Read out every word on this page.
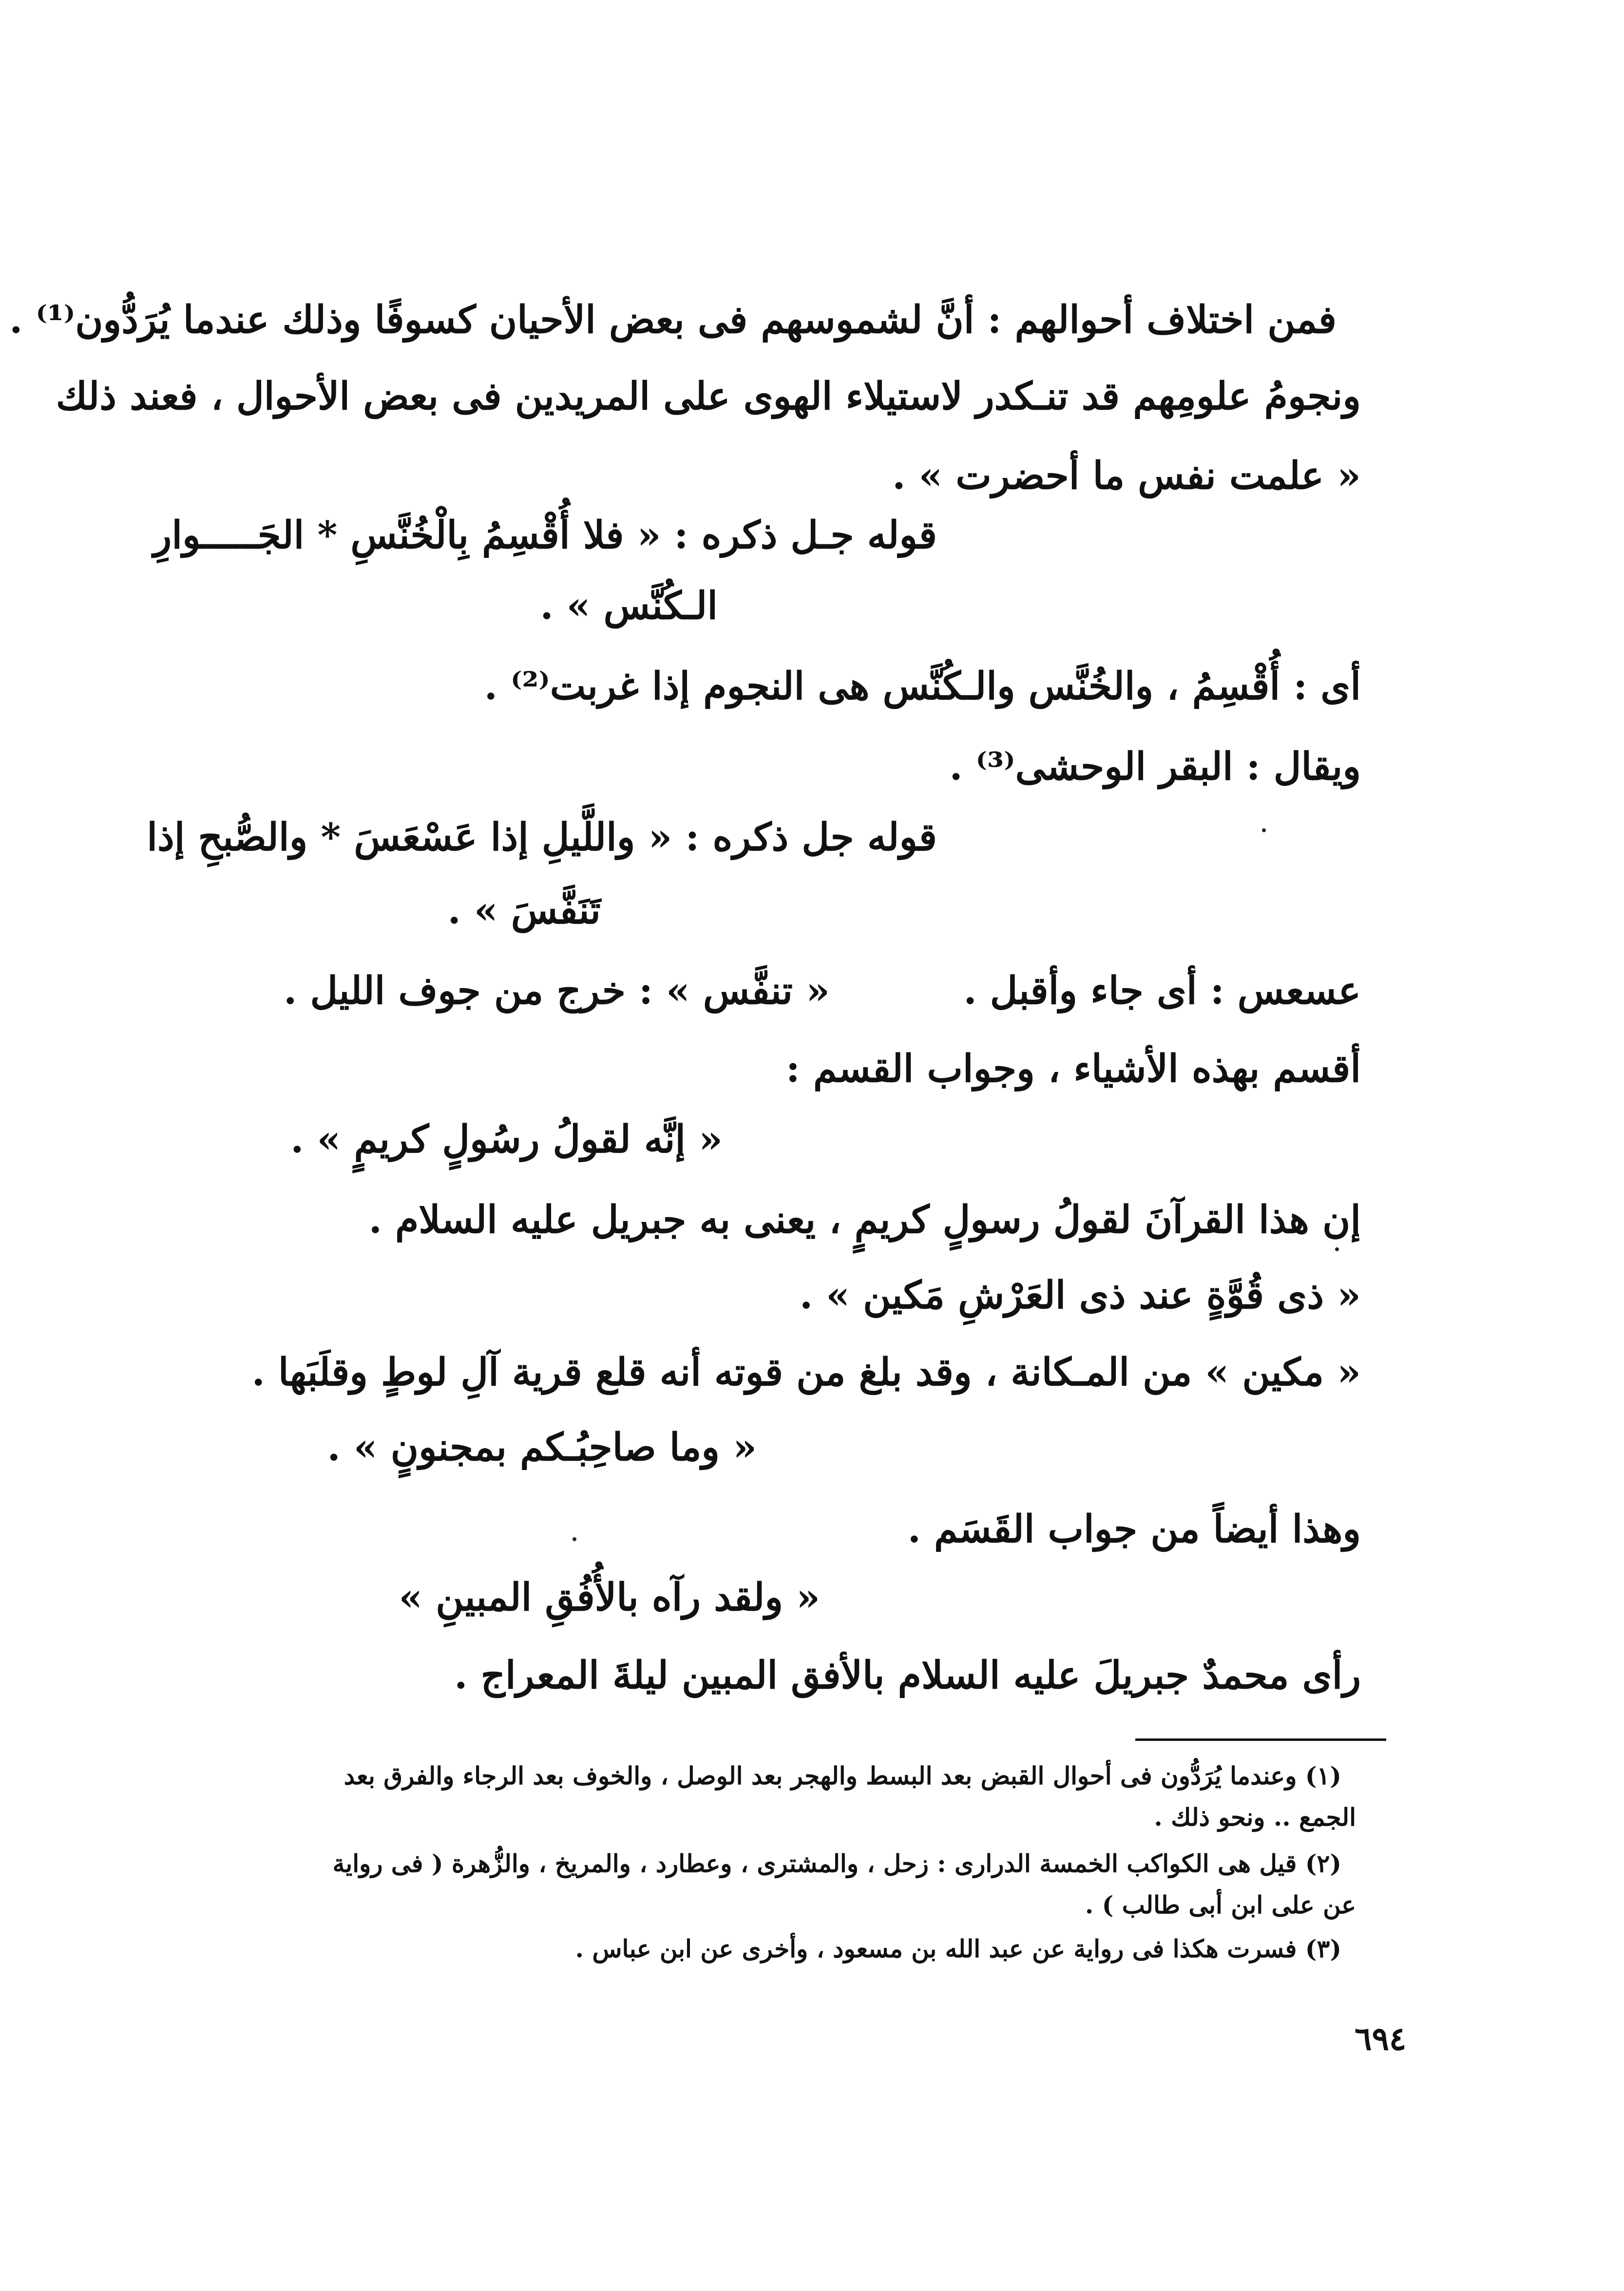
فمن اختلاف أحوالهم : أنَّ لشموسهم فى بعض الأحيان كسوفًا وذلك عندما يُرَدُّون⁽¹⁾ .
ونجومُ علومِهم قد تنـكدر لاستيلاء الهوى على المريدين فى بعض الأحوال ، فعند ذلك
« علمت نفس ما أحضرت » .
قوله جـل ذكره : « فلا أُقْسِمُ بِالْخُنَّسِ * الجَـــــوارِ
الـكُنَّس » .
أى : أُقْسِمُ ، والخُنَّس والـكُنَّس هى النجوم إذا غربت⁽²⁾ .
ويقال : البقر الوحشى⁽³⁾ .
قوله جل ذكره : « واللَّيلِ إذا عَسْعَسَ * والصُّبحِ إذا
تَنَفَّسَ » .
عسعس : أى جاء وأقبل .
« تنفَّس » : خرج من جوف الليل .
أقسم بهذه الأشياء ، وجواب القسم :
« إنَّه لقولُ رسُولٍ كريمٍ » .
إن هذا القرآنَ لقولُ رسولٍ كريمٍ ، يعنى به جبريل عليه السلام .
« ذى قُوَّةٍ عند ذى العَرْشِ مَكين » .
« مكين » من المـكانة ، وقد بلغ من قوته أنه قلع قرية آلِ لوطٍ وقلَبَها .
« وما صاحِبُـكم بمجنونٍ » .
وهذا أيضاً من جواب القَسَم .
« ولقد رآه بالأُفُقِ المبينِ »
رأى محمدٌ جبريلَ عليه السلام بالأفق المبين ليلةَ المعراج .
(١) وعندما يُرَدُّون فى أحوال القبض بعد البسط والهجر بعد الوصل ، والخوف بعد الرجاء والفرق بعد
الجمع .. ونحو ذلك .
(٢) قيل هى الكواكب الخمسة الدرارى : زحل ، والمشترى ، وعطارد ، والمريخ ، والزُّهرة ( فى رواية
عن على ابن أبى طالب ) .
(٣) فسرت هكذا فى رواية عن عبد الله بن مسعود ، وأخرى عن ابن عباس .
٦٩٤
